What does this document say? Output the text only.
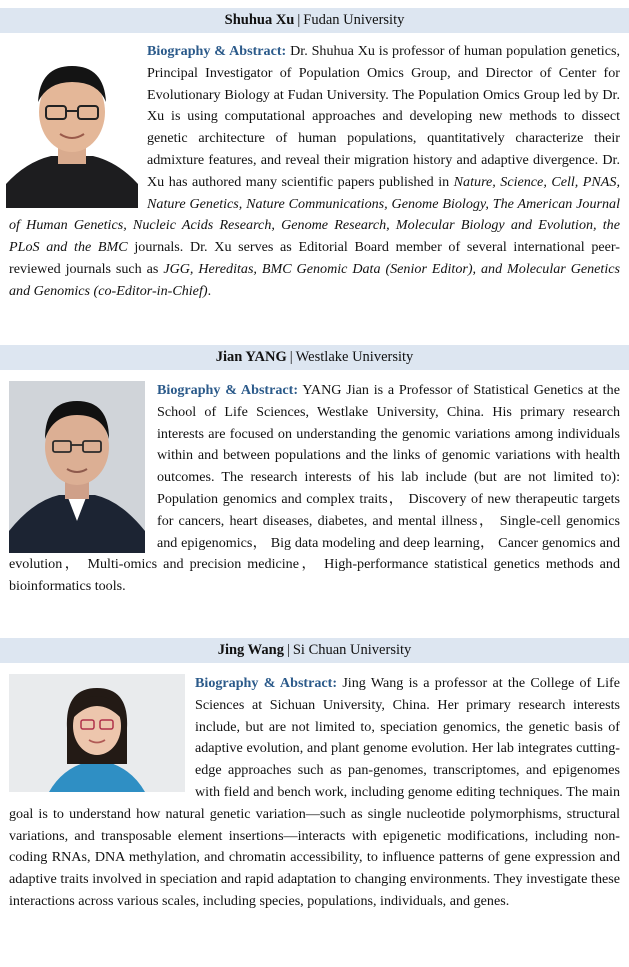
Shuhua Xu | Fudan University
Biography & Abstract: Dr. Shuhua Xu is professor of human population genetics, Principal Investigator of Population Omics Group, and Director of Center for Evolutionary Biology at Fudan University. The Population Omics Group led by Dr. Xu is using computational approaches and developing new methods to dissect genetic architecture of human populations, quantitatively characterize their admixture features, and reveal their migration history and adaptive divergence. Dr. Xu has authored many scientific papers published in Nature, Science, Cell, PNAS, Nature Genetics, Nature Communications, Genome Biology, The American Journal of Human Genetics, Nucleic Acids Research, Genome Research, Molecular Biology and Evolution, the PLoS and the BMC journals. Dr. Xu serves as Editorial Board member of several international peer-reviewed journals such as JGG, Hereditas, BMC Genomic Data (Senior Editor), and Molecular Genetics and Genomics (co-Editor-in-Chief).
Jian YANG | Westlake University
Biography & Abstract: YANG Jian is a Professor of Statistical Genetics at the School of Life Sciences, Westlake University, China. His primary research interests are focused on understanding the genomic variations among individuals within and between populations and the links of genomic variations with health outcomes. The research interests of his lab include (but are not limited to): Population genomics and complex traits， Discovery of new therapeutic targets for cancers, heart diseases, diabetes, and mental illness， Single-cell genomics and epigenomics， Big data modeling and deep learning， Cancer genomics and evolution， Multi-omics and precision medicine， High-performance statistical genetics methods and bioinformatics tools.
Jing Wang | Si Chuan University
Biography & Abstract: Jing Wang is a professor at the College of Life Sciences at Sichuan University, China. Her primary research interests include, but are not limited to, speciation genomics, the genetic basis of adaptive evolution, and plant genome evolution. Her lab integrates cutting-edge approaches such as pan-genomes, transcriptomes, and epigenomes with field and bench work, including genome editing techniques. The main goal is to understand how natural genetic variation—such as single nucleotide polymorphisms, structural variations, and transposable element insertions—interacts with epigenetic modifications, including non-coding RNAs, DNA methylation, and chromatin accessibility, to influence patterns of gene expression and adaptive traits involved in speciation and rapid adaptation to changing environments. They investigate these interactions across various scales, including species, populations, individuals, and genes.
